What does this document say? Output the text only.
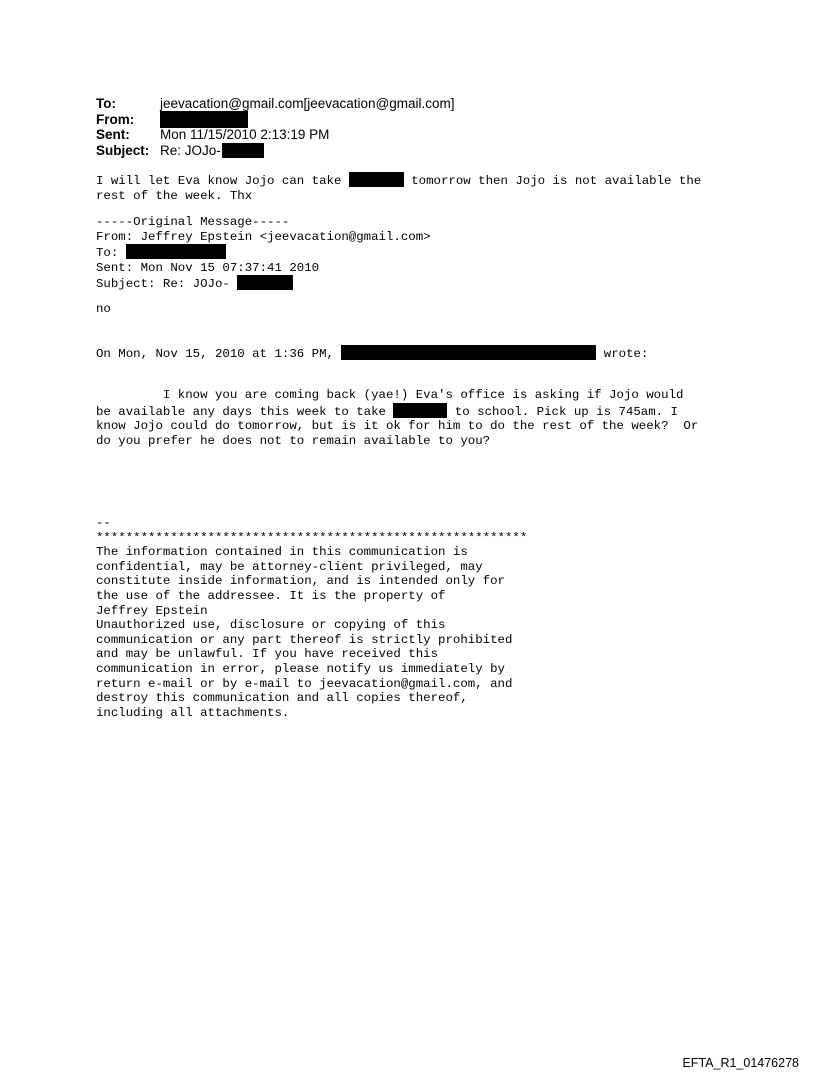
To:	jeevacation@gmail.com[jeevacation@gmail.com]
From:
Sent:	Mon 11/15/2010 2:13:19 PM
Subject: Re: JOJo-
I will let Eva know Jojo can take	tomorrow then Jojo is not available the
rest of the week. Thx
-----Original Message-----
From: Jeffrey Epstein <jeevacation@gmail.com>
To:
Sent: Mon Nov 15 07:37:41 2010
Subject: Re: JOJo-
no
On Mon, Nov 15, 2010 at 1:36 PM,	wrote:
I know you are coming back (yae!) Eva's office is asking if Jojo would
be available any days this week to take	to school. Pick up is 745am. I
know Jojo could do tomorrow, but is it ok for him to do the rest of the week?  Or
do you prefer he does not to remain available to you?
--
**********************************************************
The information contained in this communication is
confidential, may be attorney-client privileged, may
constitute inside information, and is intended only for
the use of the addressee. It is the property of
Jeffrey Epstein
Unauthorized use, disclosure or copying of this
communication or any part thereof is strictly prohibited
and may be unlawful. If you have received this
communication in error, please notify us immediately by
return e-mail or by e-mail to jeevacation@gmail.com, and
destroy this communication and all copies thereof,
including all attachments.
EFTA_R1_01476278
